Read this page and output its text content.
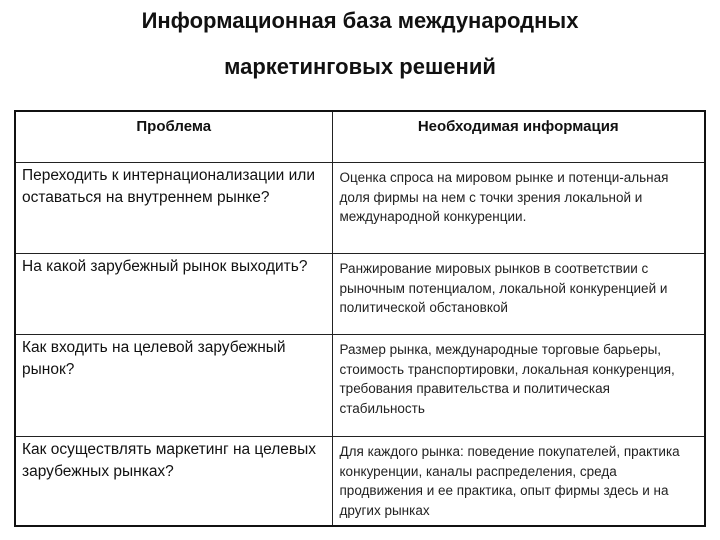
Информационная база международных
маркетинговых решений
Проблема	Необходимая информация
Переходить к интернационализации или оставаться на внутреннем рынке?	Оценка спроса на мировом рынке и потенци-альная доля фирмы на нем с точки зрения локальной и международной конкуренции.
На какой зарубежный рынок выходить?	Ранжирование мировых рынков в соответствии с рыночным потенциалом, локальной конкуренцией и политической обстановкой
Как входить на целевой зарубежный рынок?	Размер рынка, международные торговые барьеры, стоимость транспортировки, локальная конкуренция, требования правительства и политическая стабильность
Как осуществлять маркетинг на целевых зарубежных рынках?	Для каждого рынка: поведение покупателей, практика конкуренции, каналы распределения, среда продвижения и ее практика, опыт фирмы здесь и на других рынках
